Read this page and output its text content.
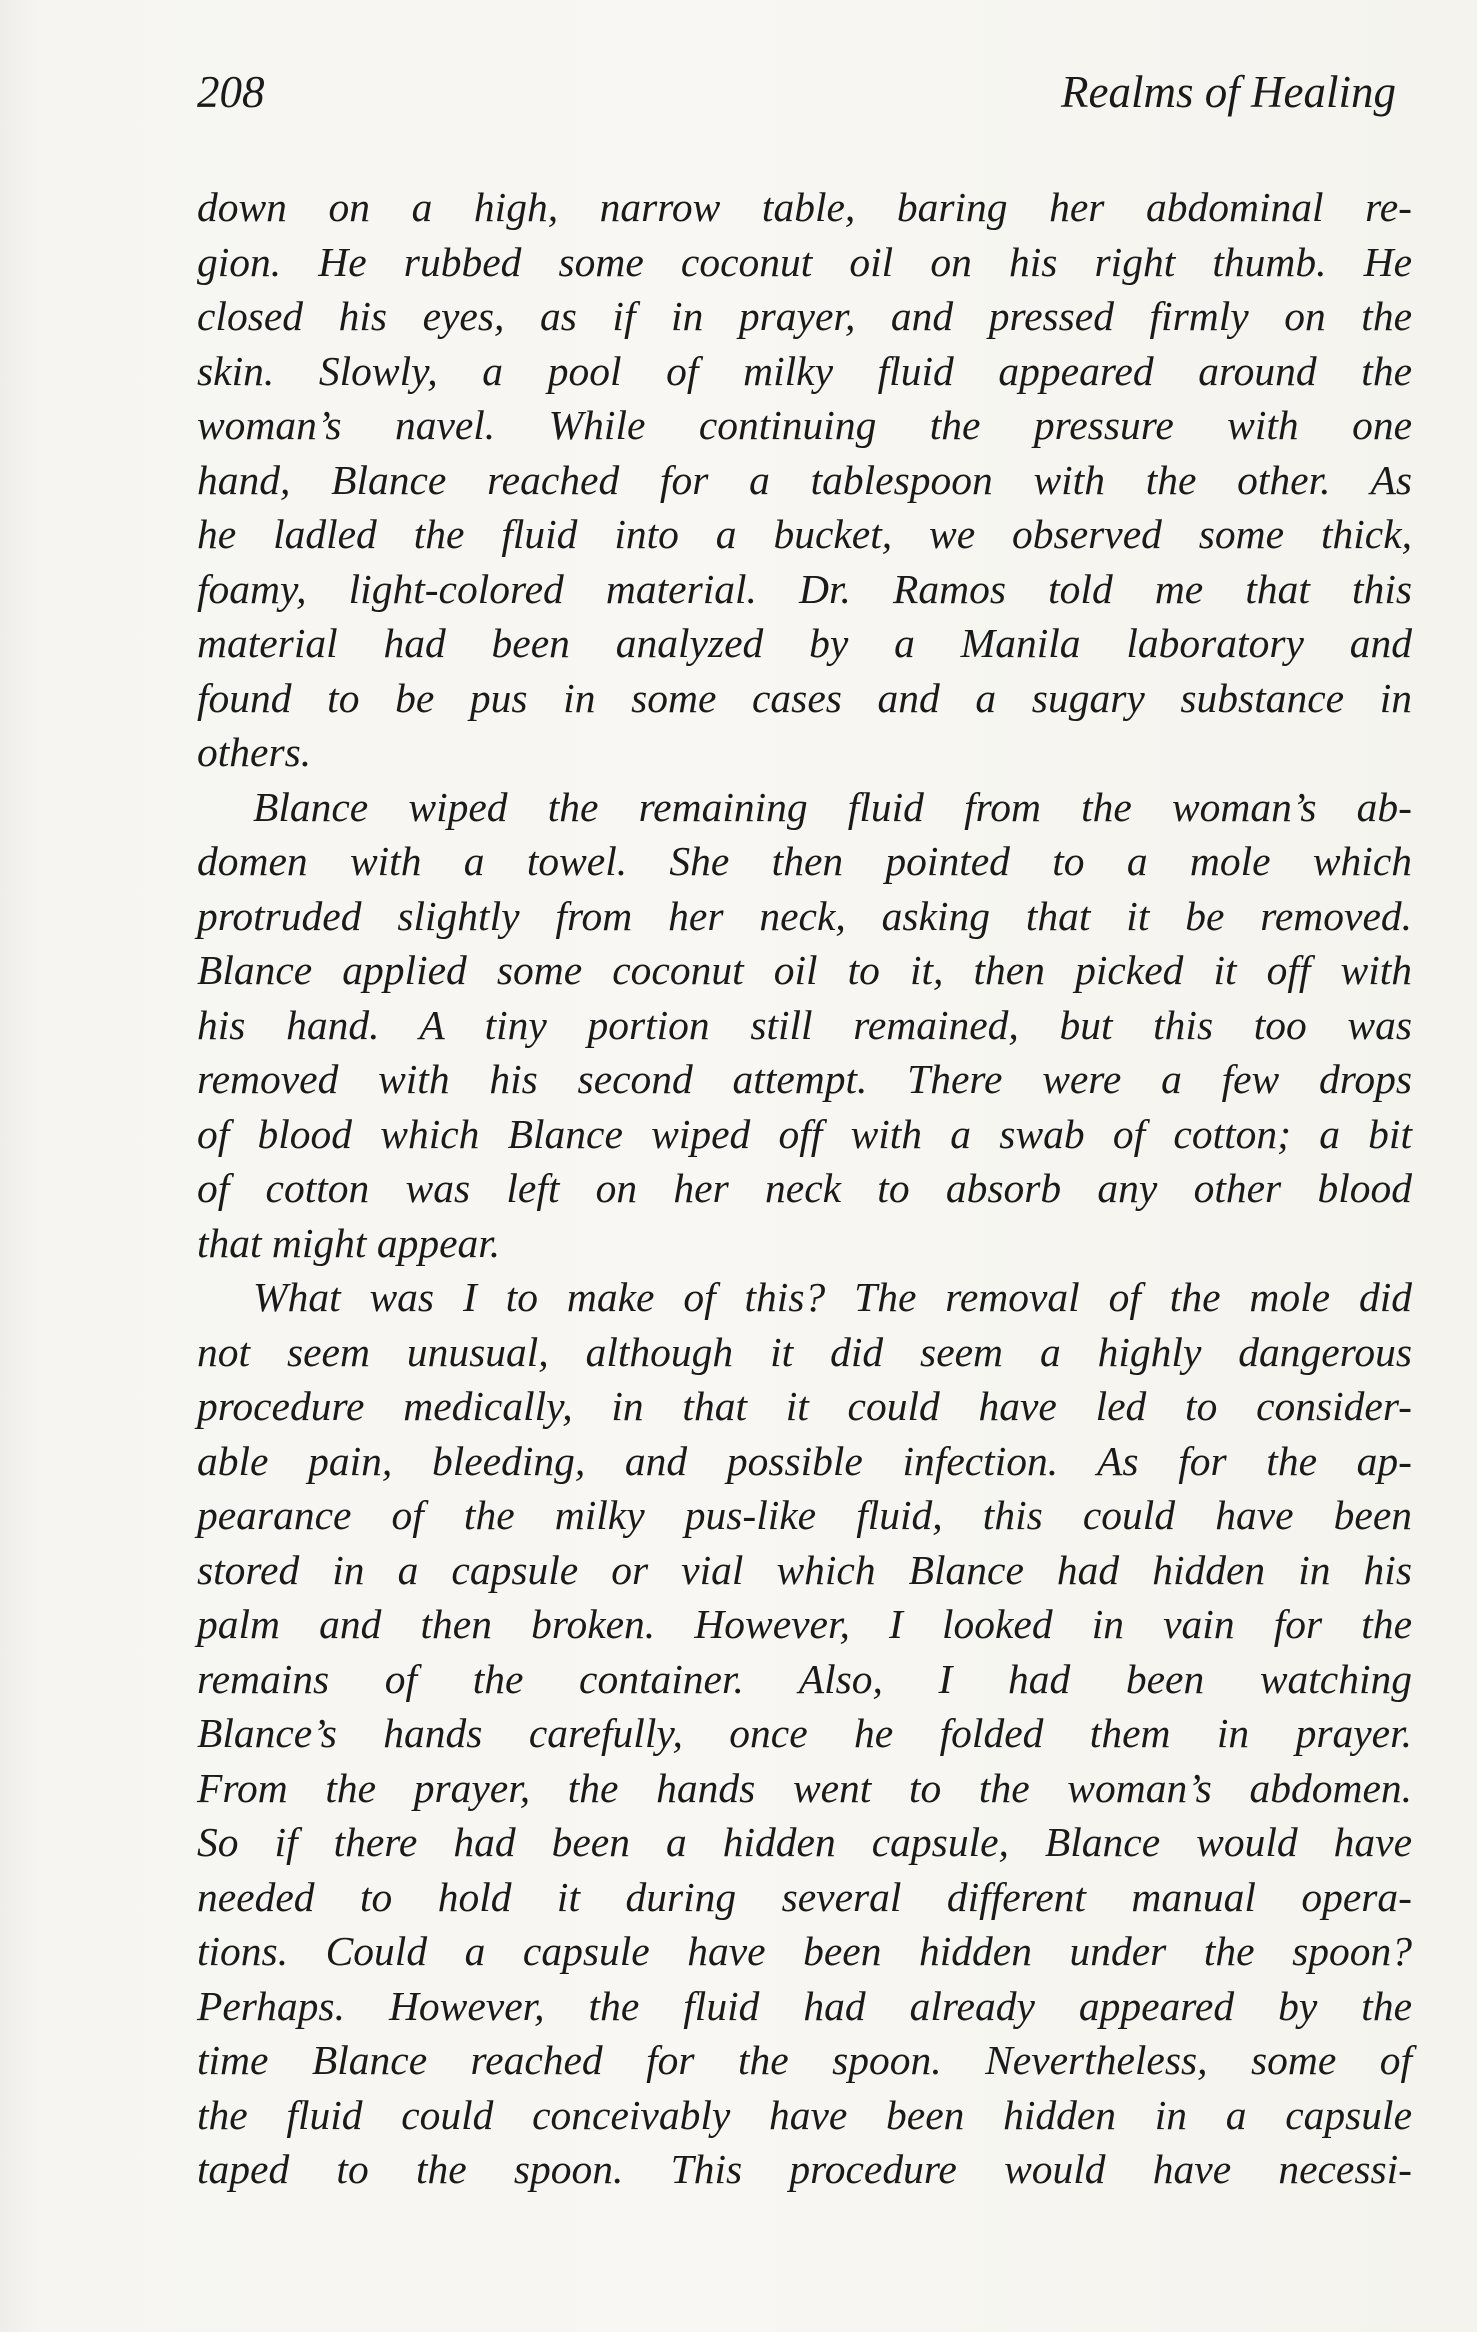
208	Realms of Healing
down on a high, narrow table, baring her abdominal re-
gion. He rubbed some coconut oil on his right thumb. He
closed his eyes, as if in prayer, and pressed firmly on the
skin. Slowly, a pool of milky fluid appeared around the
woman’s navel. While continuing the pressure with one
hand, Blance reached for a tablespoon with the other. As
he ladled the fluid into a bucket, we observed some thick,
foamy, light-colored material. Dr. Ramos told me that this
material had been analyzed by a Manila laboratory and
found to be pus in some cases and a sugary substance in
others.
Blance wiped the remaining fluid from the woman’s ab-
domen with a towel. She then pointed to a mole which
protruded slightly from her neck, asking that it be removed.
Blance applied some coconut oil to it, then picked it off with
his hand. A tiny portion still remained, but this too was
removed with his second attempt. There were a few drops
of blood which Blance wiped off with a swab of cotton; a bit
of cotton was left on her neck to absorb any other blood
that might appear.
What was I to make of this? The removal of the mole did
not seem unusual, although it did seem a highly dangerous
procedure medically, in that it could have led to consider-
able pain, bleeding, and possible infection. As for the ap-
pearance of the milky pus-like fluid, this could have been
stored in a capsule or vial which Blance had hidden in his
palm and then broken. However, I looked in vain for the
remains of the container. Also, I had been watching
Blance’s hands carefully, once he folded them in prayer.
From the prayer, the hands went to the woman’s abdomen.
So if there had been a hidden capsule, Blance would have
needed to hold it during several different manual opera-
tions. Could a capsule have been hidden under the spoon?
Perhaps. However, the fluid had already appeared by the
time Blance reached for the spoon. Nevertheless, some of
the fluid could conceivably have been hidden in a capsule
taped to the spoon. This procedure would have necessi-
